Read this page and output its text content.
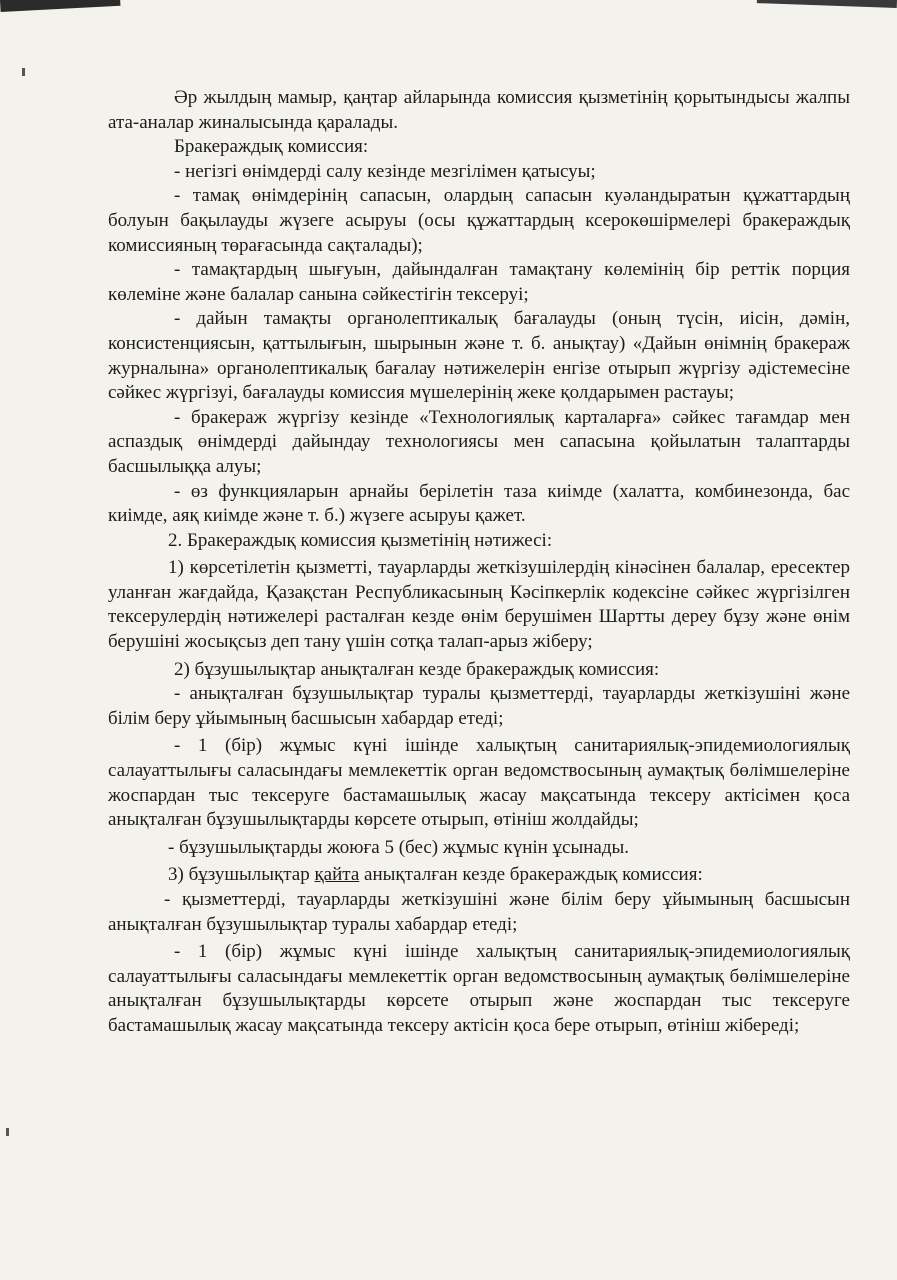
Әр жылдың мамыр, қаңтар айларында комиссия қызметінің қорытындысы жалпы ата-аналар жиналысында қаралады.

Бракераждық комиссия:

- негізгі өнімдерді салу кезінде мезгілімен қатысуы;

- тамақ өнімдерінің сапасын, олардың сапасын куәландыратын құжаттардың болуын бақылауды жүзеге асыруы (осы құжаттардың ксерокөшірмелері бракераждық комиссияның төрағасында сақталады);

- тамақтардың шығуын, дайындалған тамақтану көлемінің бір реттік порция көлеміне және балалар санына сәйкестігін тексеруі;

- дайын тамақты органолептикалық бағалауды (оның түсін, иісін, дәмін, консистенциясын, қаттылығын, шырынын және т. б. анықтау) «Дайын өнімнің бракераж журналына» органолептикалық бағалау нәтижелерін енгізе отырып жүргізу әдістемесіне сәйкес жүргізуі, бағалауды комиссия мүшелерінің жеке қолдарымен растауы;

- бракераж жүргізу кезінде «Технологиялық карталарға» сәйкес тағамдар мен аспаздық өнімдерді дайындау технологиясы мен сапасына қойылатын талаптарды басшылыққа алуы;

- өз функцияларын арнайы берілетін таза киімде (халатта, комбинезонда, бас киімде, аяқ киімде және т. б.) жүзеге асыруы қажет.

2. Бракераждық комиссия қызметінің нәтижесі:

1) көрсетілетін қызметті, тауарларды жеткізушілердің кінәсінен балалар, ересектер уланған жағдайда, Қазақстан Республикасының Кәсіпкерлік кодексіне сәйкес жүргізілген тексерулердің нәтижелері расталған кезде өнім берушімен Шартты дереу бұзу және өнім берушіні жосықсыз деп тану үшін сотқа талап-арыз жіберу;

2) бұзушылықтар анықталған кезде бракераждық комиссия:

- анықталған бұзушылықтар туралы қызметтерді, тауарларды жеткізушіні және білім беру ұйымының басшысын хабардар етеді;

- 1 (бір) жұмыс күні ішінде халықтың санитариялық-эпидемиологиялық салауаттылығы саласындағы мемлекеттік орган ведомствосының аумақтық бөлімшелеріне жоспардан тыс тексеруге бастамашылық жасау мақсатында тексеру актісімен қоса анықталған бұзушылықтарды көрсете отырып, өтініш жолдайды;

- бұзушылықтарды жоюға 5 (бес) жұмыс күнін ұсынады.

3) бұзушылықтар қайта анықталған кезде бракераждық комиссия:

- қызметтерді, тауарларды жеткізушіні және білім беру ұйымының басшысын анықталған бұзушылықтар туралы хабардар етеді;

- 1 (бір) жұмыс күні ішінде халықтың санитариялық-эпидемиологиялық салауаттылығы саласындағы мемлекеттік орган ведомствосының аумақтық бөлімшелеріне анықталған бұзушылықтарды көрсете отырып және жоспардан тыс тексеруге бастамашылық жасау мақсатында тексеру актісін қоса бере отырып, өтініш жібереді;
